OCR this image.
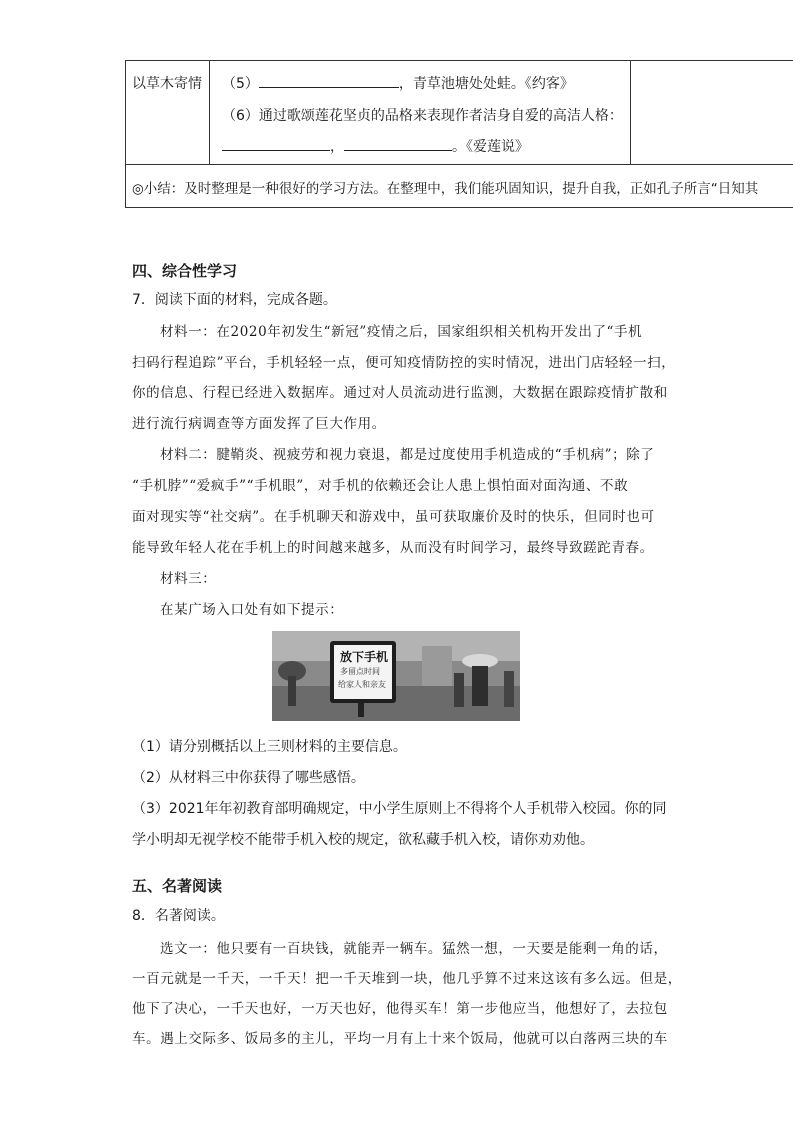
以草木寄情 （5）	，青草池塘处处蛙。《约客》
（6）通过歌颂莲花坚贞的品格来表现作者洁身自爱的高洁人格：
，	。《爱莲说》
◎小结：及时整理是一种很好的学习方法。在整理中，我们能巩固知识，提升自我，正如孔子所言“日知其
四、综合性学习
7．阅读下面的材料，完成各题。
材料一：在2020年初发生“新冠”疫情之后，国家组织相关机构开发出了“手机
扫码行程追踪”平台，手机轻轻一点，便可知疫情防控的实时情况，进出门店轻轻一扫，
你的信息、行程已经进入数据库。通过对人员流动进行监测，大数据在跟踪疫情扩散和
进行流行病调查等方面发挥了巨大作用。
材料二：腱鞘炎、视疲劳和视力衰退，都是过度使用手机造成的“手机病”；除了
“手机脖”“爱疯手”“手机眼”，对手机的依赖还会让人患上惧怕面对面沟通、不敢
面对现实等“社交病”。在手机聊天和游戏中，虽可获取廉价及时的快乐，但同时也可
能导致年轻人花在手机上的时间越来越多，从而没有时间学习，最终导致蹉跎青春。
材料三：
在某广场入口处有如下提示：
放下手机
多留点时间
给家人和亲友
（1）请分别概括以上三则材料的主要信息。
（2）从材料三中你获得了哪些感悟。
（3）2021年年初教育部明确规定，中小学生原则上不得将个人手机带入校园。你的同
学小明却无视学校不能带手机入校的规定，欲私藏手机入校，请你劝劝他。
五、名著阅读
8．名著阅读。
选文一：他只要有一百块钱，就能弄一辆车。猛然一想，一天要是能剩一角的话，
一百元就是一千天，一千天！把一千天堆到一块，他几乎算不过来这该有多么远。但是，
他下了决心，一千天也好，一万天也好，他得买车！第一步他应当，他想好了，去拉包
车。遇上交际多、饭局多的主儿，平均一月有上十来个饭局，他就可以白落两三块的车
